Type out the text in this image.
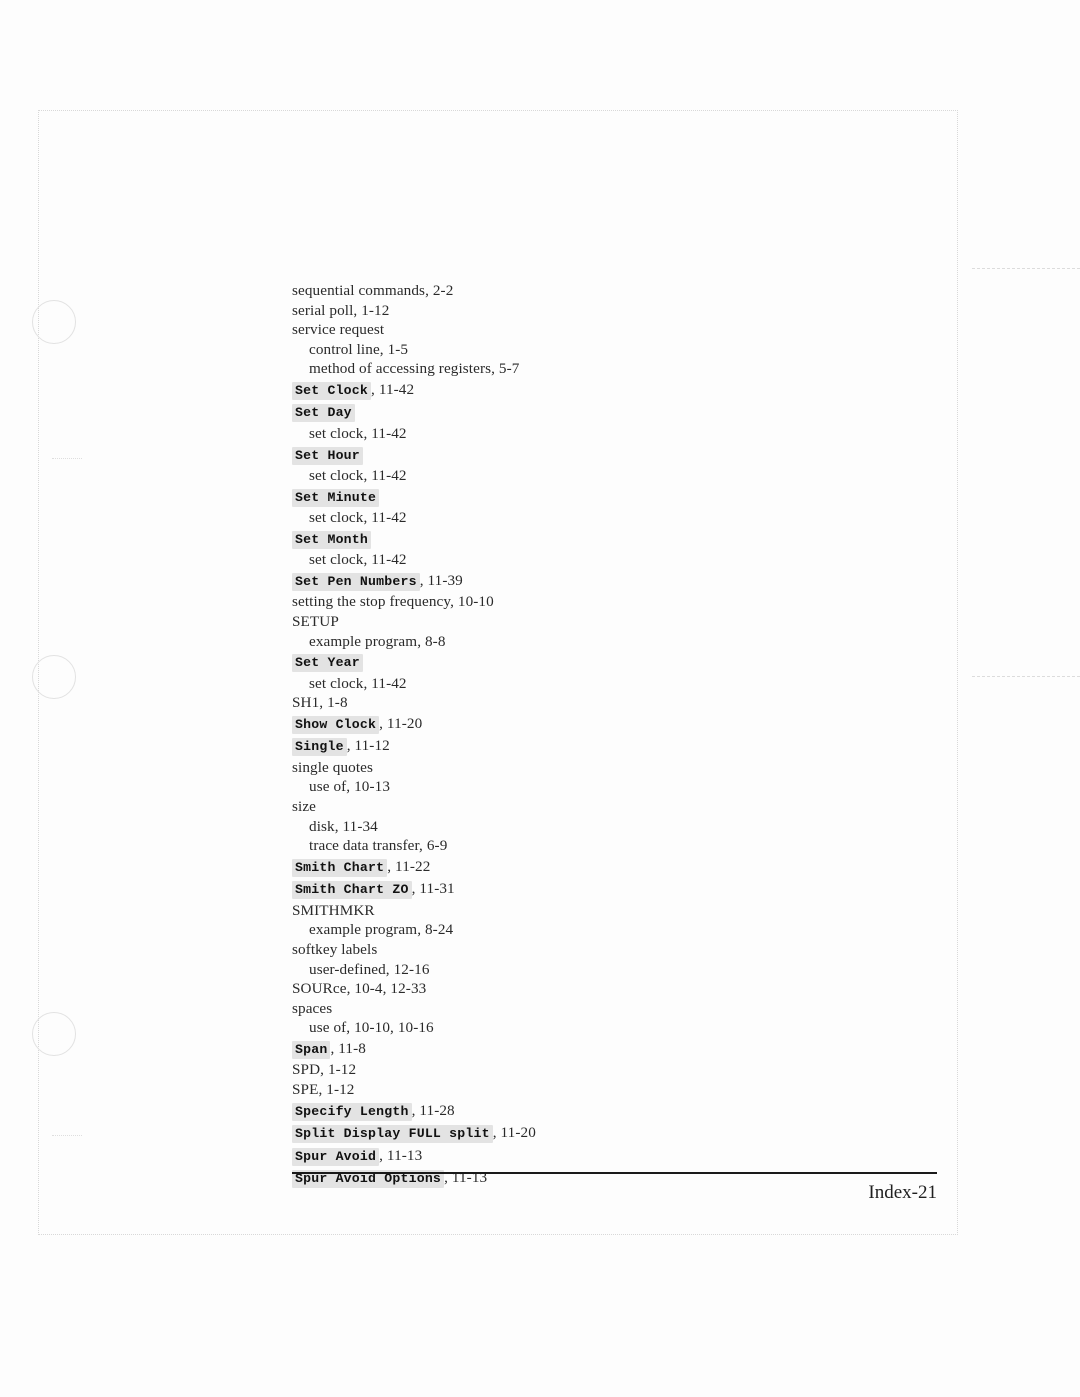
sequential commands, 2-2
serial poll, 1-12
service request
control line, 1-5
method of accessing registers, 5-7
Set Clock , 11-42
Set Day
set clock, 11-42
Set Hour
set clock, 11-42
Set Minute
set clock, 11-42
Set Month
set clock, 11-42
Set Pen Numbers , 11-39
setting the stop frequency, 10-10
SETUP
example program, 8-8
Set Year
set clock, 11-42
SH1, 1-8
Show Clock , 11-20
Single , 11-12
single quotes
use of, 10-13
size
disk, 11-34
trace data transfer, 6-9
Smith Chart , 11-22
Smith Chart ZO , 11-31
SMITHMKR
example program, 8-24
softkey labels
user-defined, 12-16
SOURce, 10-4, 12-33
spaces
use of, 10-10, 10-16
Span , 11-8
SPD, 1-12
SPE, 1-12
Specify Length , 11-28
Split Display FULL split , 11-20
Spur Avoid , 11-13
Spur Avoid Options , 11-13
Index-21
